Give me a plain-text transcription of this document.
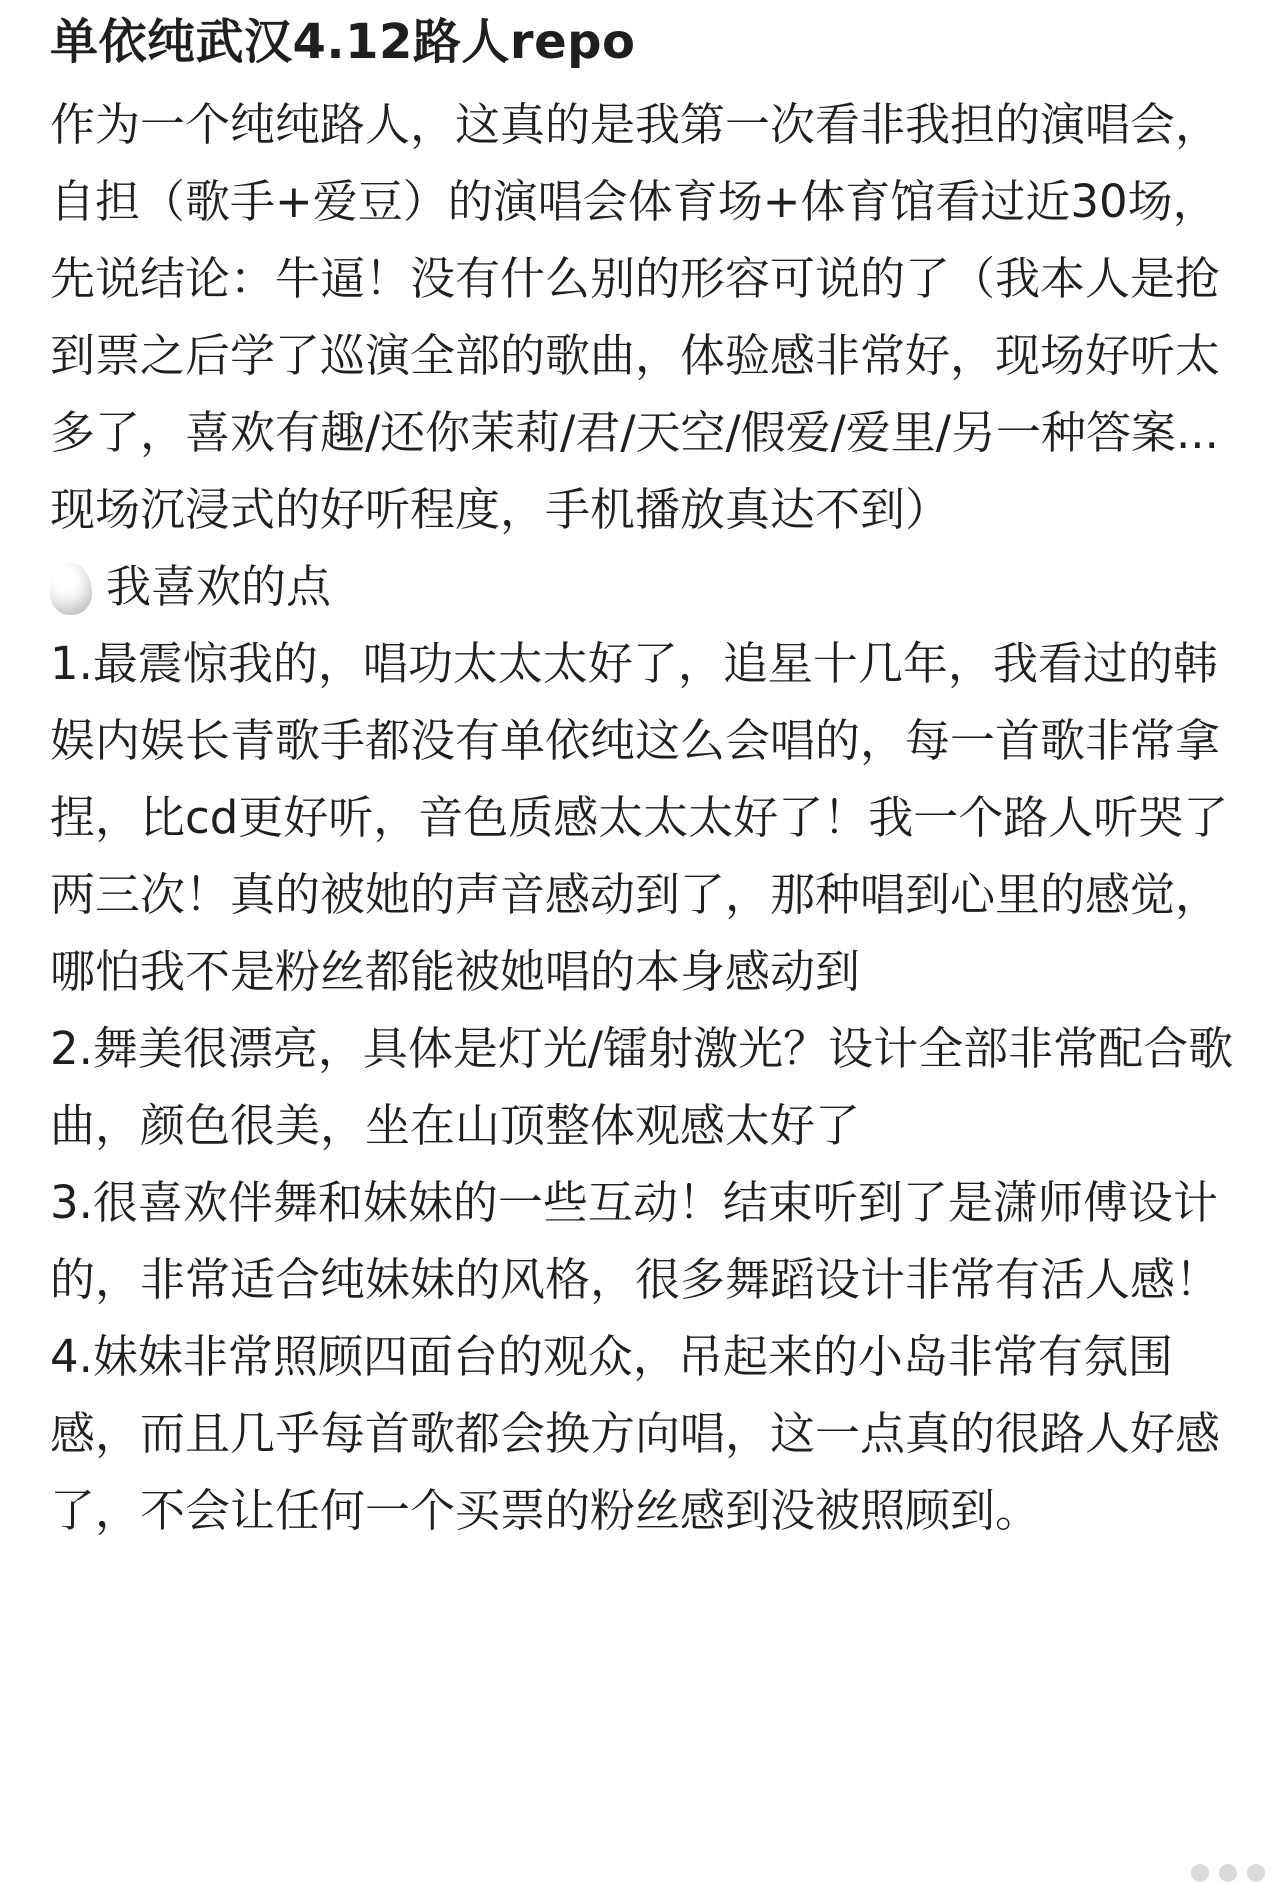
单依纯武汉4.12路人repo

作为一个纯纯路人，这真的是我第一次看非我担的演唱会，自担（歌手+爱豆）的演唱会体育场+体育馆看过近30场，先说结论：牛逼！没有什么别的形容可说的了（我本人是抢到票之后学了巡演全部的歌曲，体验感非常好，现场好听太多了，喜欢有趣/还你茉莉/君/天空/假爱/爱里/另一种答案...现场沉浸式的好听程度，手机播放真达不到）

我喜欢的点

1.最震惊我的，唱功太太太好了，追星十几年，我看过的韩娱内娱长青歌手都没有单依纯这么会唱的，每一首歌非常拿捏，比cd更好听，音色质感太太太好了！我一个路人听哭了两三次！真的被她的声音感动到了，那种唱到心里的感觉，哪怕我不是粉丝都能被她唱的本身感动到

2.舞美很漂亮，具体是灯光/镭射激光？设计全部非常配合歌曲，颜色很美，坐在山顶整体观感太好了

3.很喜欢伴舞和妹妹的一些互动！结束听到了是潇师傅设计的，非常适合纯妹妹的风格，很多舞蹈设计非常有活人感！

4.妹妹非常照顾四面台的观众，吊起来的小岛非常有氛围感，而且几乎每首歌都会换方向唱，这一点真的很路人好感了，不会让任何一个买票的粉丝感到没被照顾到。
